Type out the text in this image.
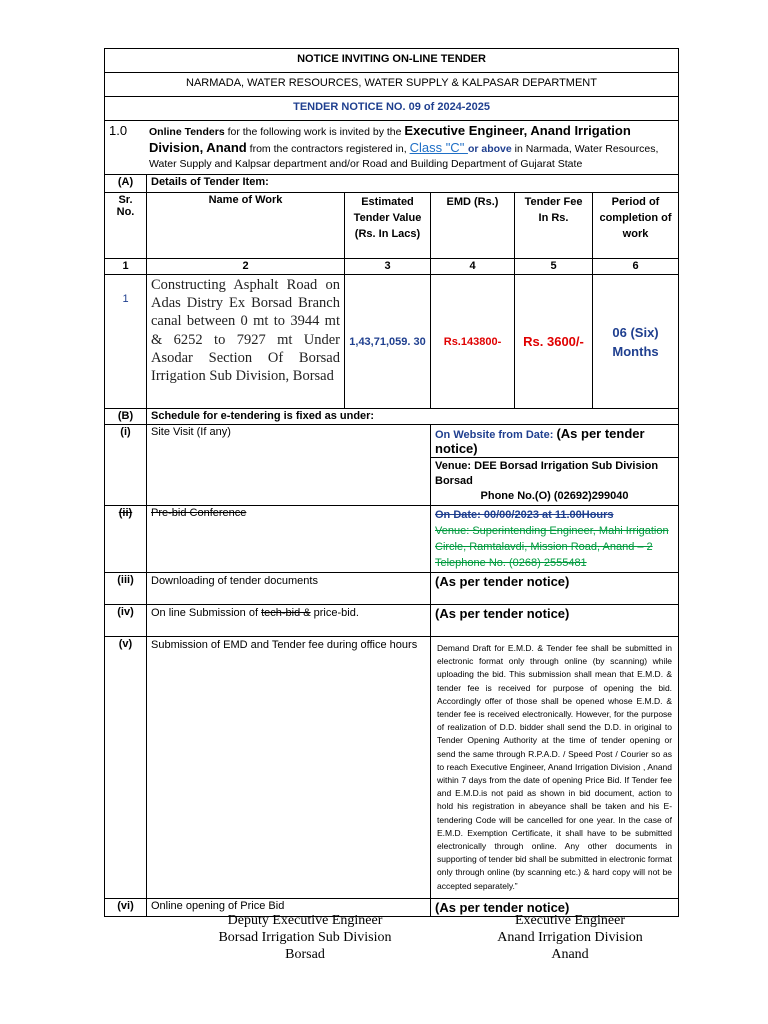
NOTICE INVITING ON-LINE TENDER					
NARMADA, WATER RESOURCES, WATER SUPPLY & KALPASAR DEPARTMENT					
TENDER NOTICE NO. 09 of 2024-2025					

1.0 Online Tenders for the following work is invited by the Executive Engineer, Anand Irrigation Division, Anand from the contractors registered in, Class "C" or above in Narmada, Water Resources, Water Supply and Kalpsar department and/or Road and Building Department of Gujarat State					

(A)	Details of Tender Item:				
Sr. No.	Name of Work	Estimated Tender Value (Rs. In Lacs)	EMD (Rs.)	Tender Fee In Rs.	Period of completion of work
1	2	3	4	5	6
1	Constructing Asphalt Road on Adas Distry Ex Borsad Branch canal between 0 mt to 3944 mt & 6252 to 7927 mt Under Asodar Section Of Borsad Irrigation Sub Division, Borsad	1,43,71,059. 30	Rs.143800-	Rs. 3600/-	06 (Six) Months
(B)	Schedule for e-tendering is fixed as under:				
(i)	Site Visit (If any)		On Website from Date: (As per tender notice)		

			Venue: DEE Borsad Irrigation Sub Division Borsad
Phone No.(O) (02692)299040		

(ii)	Pre-bid Conference		On Date: 00/00/2023 at 11.00Hours
Venue: Superintending Engineer, Mahi Irrigation Circle, Ramtalavdi, Mission Road, Anand – 2 Telephone No. (0268) 2555481		

(iii)	Downloading of tender documents		(As per tender notice)		
(iv)	On line Submission of tech-bid & price-bid.		(As per tender notice)		
(v)	Submission of EMD and Tender fee during office hours		Demand Draft for E.M.D. & Tender fee shall be submitted in electronic format only through online (by scanning) while uploading the bid. This submission shall mean that E.M.D. & tender fee is received for purpose of opening the bid. Accordingly offer of those shall be opened whose E.M.D. & tender fee is received electronically. However, for the purpose of realization of D.D. bidder shall send the D.D. in original to Tender Opening Authority at the time of tender opening or send the same through R.P.A.D. / Speed Post / Courier so as to reach Executive Engineer, Anand Irrigation Division , Anand within 7 days from the date of opening Price Bid. If Tender fee and E.M.D.is not paid as shown in bid document, action to hold his registration in abeyance shall be taken and his E-tendering Code will be cancelled for one year. In the case of E.M.D. Exemption Certificate, it shall have to be submitted electronically through online. Any other documents in supporting of tender bid shall be submitted in electronic format only through online (by scanning etc.) & hard copy will not be accepted separately.”		
(vi)	Online opening of Price Bid		(As per tender notice)		
Deputy Executive Engineer
Borsad Irrigation Sub Division
Borsad
Executive Engineer
Anand Irrigation Division
Anand
